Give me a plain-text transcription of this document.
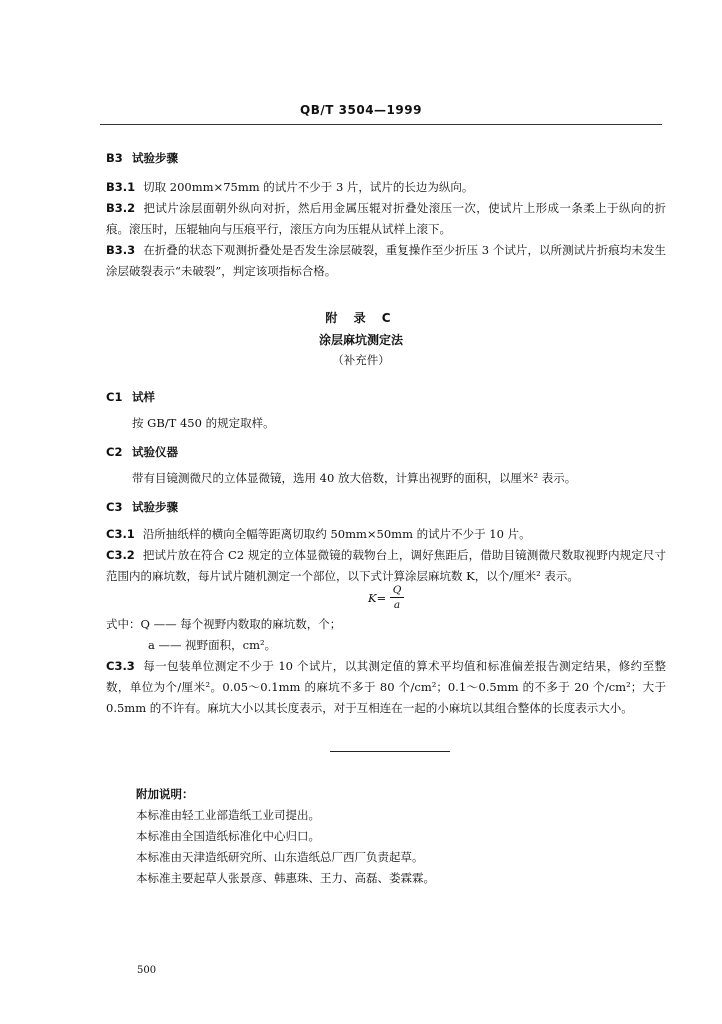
QB/T 3504—1999
B3 试验步骤
B3.1 切取 200mm×75mm 的试片不少于 3 片，试片的长边为纵向。
B3.2 把试片涂层面朝外纵向对折，然后用金属压辊对折叠处滚压一次，使试片上形成一条柔上于纵向的折痕。滚压时，压辊轴向与压痕平行，滚压方向为压辊从试样上滚下。
B3.3 在折叠的状态下观测折叠处是否发生涂层破裂，重复操作至少折压 3 个试片，以所测试片折痕均未发生涂层破裂表示“未破裂”，判定该项指标合格。
附 录 C
涂层麻坑测定法
（补充件）
C1 试样
按 GB/T 450 的规定取样。
C2 试验仪器
带有目镜测微尺的立体显微镜，选用 40 放大倍数，计算出视野的面积，以厘米² 表示。
C3 试验步骤
C3.1 沿所抽纸样的横向全幅等距离切取约 50mm×50mm 的试片不少于 10 片。
C3.2 把试片放在符合 C2 规定的立体显微镜的载物台上，调好焦距后，借助目镜测微尺数取视野内规定尺寸范围内的麻坑数，每片试片随机测定一个部位，以下式计算涂层麻坑数 K，以个/厘米² 表示。
K=
Q
a
式中：Q —— 每个视野内数取的麻坑数，个；
a —— 视野面积，cm²。
C3.3 每一包装单位测定不少于 10 个试片，以其测定值的算术平均值和标准偏差报告测定结果，修约至整数，单位为个/厘米²。0.05～0.1mm 的麻坑不多于 80 个/cm²；0.1～0.5mm 的不多于 20 个/cm²；大于 0.5mm 的不许有。麻坑大小以其长度表示，对于互相连在一起的小麻坑以其组合整体的长度表示大小。
附加说明：
本标准由轻工业部造纸工业司提出。
本标准由全国造纸标准化中心归口。
本标准由天津造纸研究所、山东造纸总厂西厂负责起草。
本标准主要起草人张景彦、韩惠珠、王力、高磊、娄霖霖。
500
